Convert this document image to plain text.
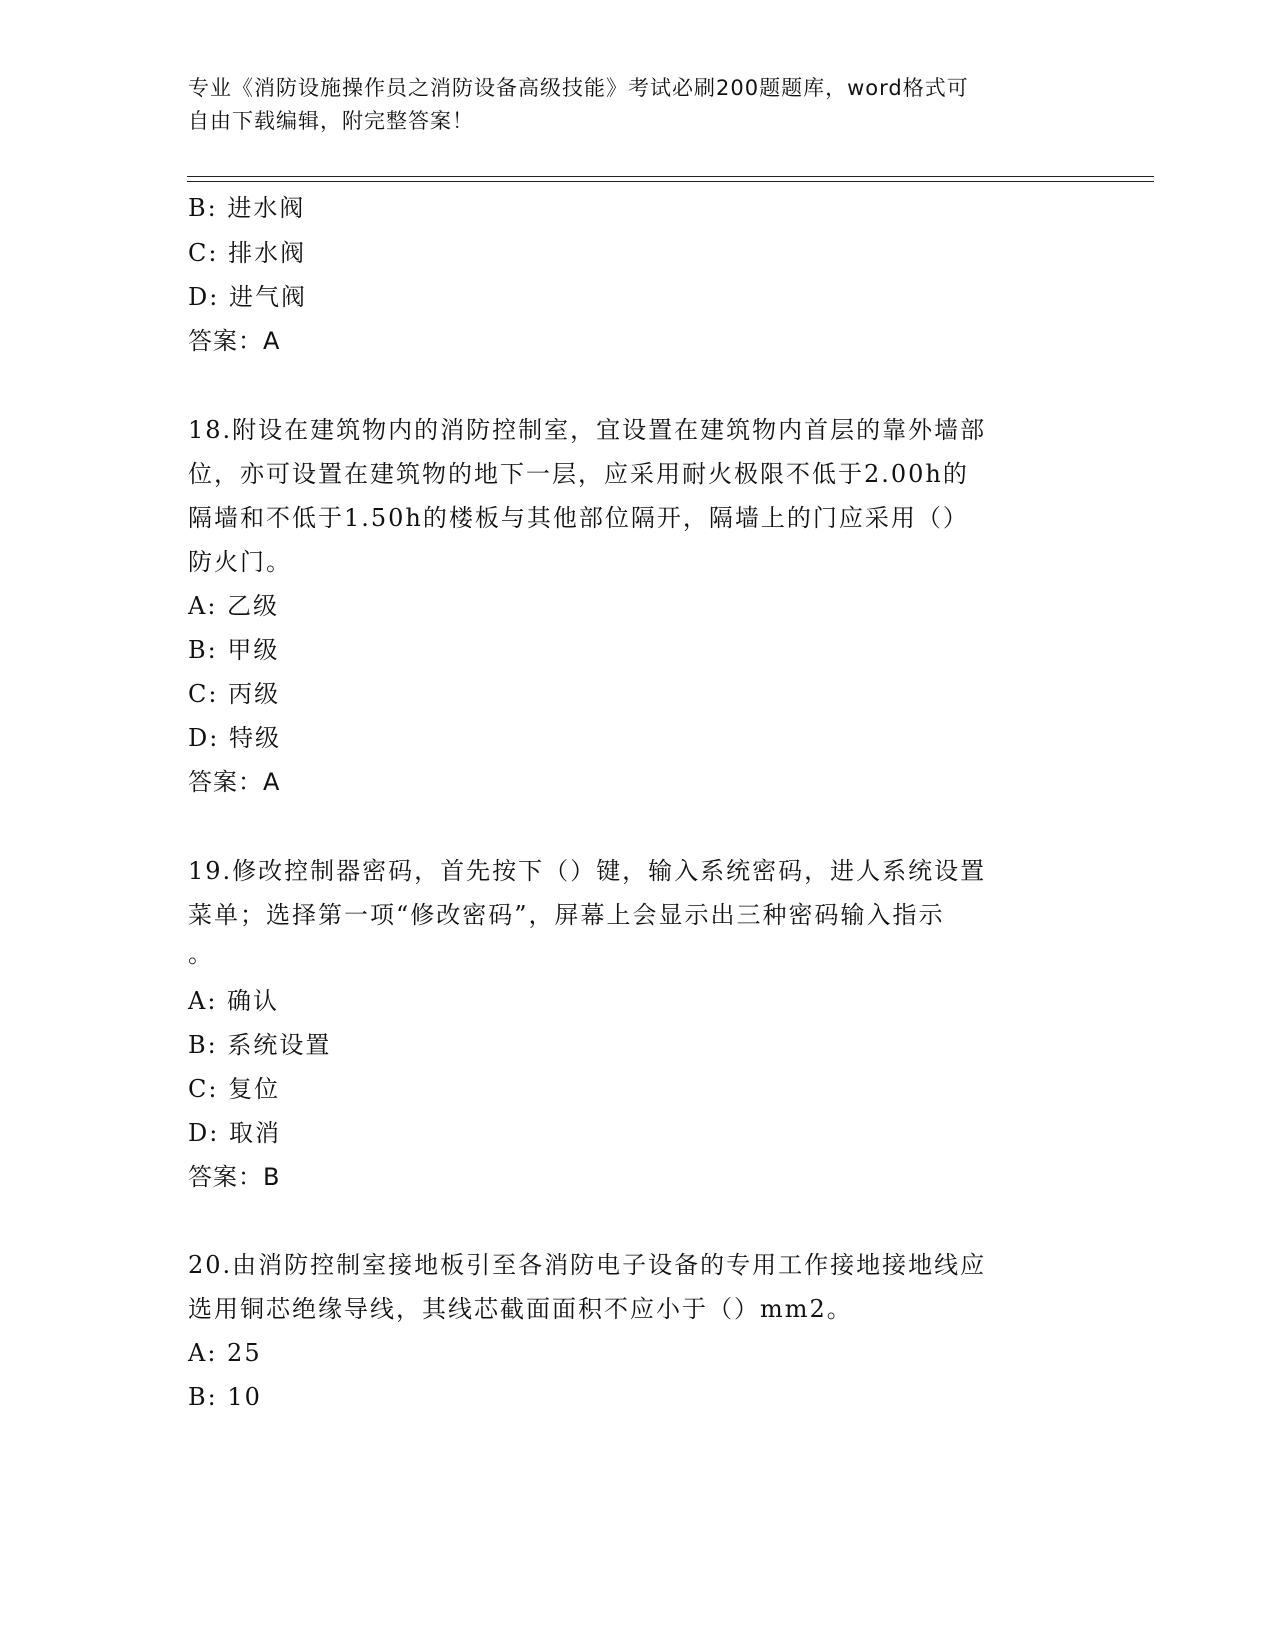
专业《消防设施操作员之消防设备高级技能》考试必刷200题题库，word格式可
自由下载编辑，附完整答案！
B: 进水阀
C: 排水阀
D: 进气阀
答案：A
18.附设在建筑物内的消防控制室，宜设置在建筑物内首层的靠外墙部
位，亦可设置在建筑物的地下一层，应采用耐火极限不低于2.00h的
隔墙和不低于1.50h的楼板与其他部位隔开，隔墙上的门应采用（）
防火门。
A: 乙级
B: 甲级
C: 丙级
D: 特级
答案：A
19.修改控制器密码，首先按下（）键，输入系统密码，进人系统设置
菜单；选择第一项“修改密码”，屏幕上会显示出三种密码输入指示
。
A: 确认
B: 系统设置
C: 复位
D: 取消
答案：B
20.由消防控制室接地板引至各消防电子设备的专用工作接地接地线应
选用铜芯绝缘导线，其线芯截面面积不应小于（）mm2。
A: 25
B: 10
